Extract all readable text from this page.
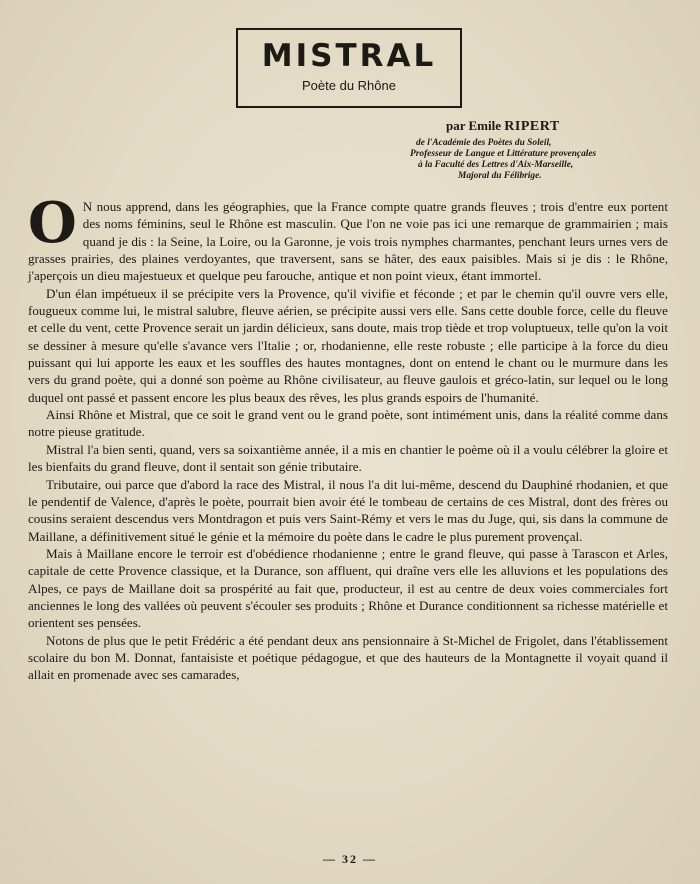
MISTRAL
Poète du Rhône
par Emile RIPERT
de l'Académie des Poètes du Soleil,
Professeur de Langue et Littérature provençales
à la Faculté des Lettres d'Aix-Marseille,
Majoral du Félibrige.

O N nous apprend, dans les géographies, que la France compte quatre grands fleuves ; trois d'entre eux portent des noms féminins, seul le Rhône est masculin. Que l'on ne voie pas ici une remarque de grammairien ; mais quand je dis : la Seine, la Loire, ou la Garonne, je vois trois nymphes charmantes, penchant leurs urnes vers de grasses prairies, des plaines verdoyantes, que traversent, sans se hâter, des eaux paisibles. Mais si je dis : le Rhône, j'aperçois un dieu majestueux et quelque peu farouche, antique et non point vieux, étant immortel.

D'un élan impétueux il se précipite vers la Provence, qu'il vivifie et féconde ; et par le chemin qu'il ouvre vers elle, fougueux comme lui, le mistral salubre, fleuve aérien, se précipite aussi vers elle. Sans cette double force, celle du fleuve et celle du vent, cette Provence serait un jardin délicieux, sans doute, mais trop tiède et trop voluptueux, telle qu'on la voit se dessiner à mesure qu'elle s'avance vers l'Italie ; or, rhodanienne, elle reste robuste ; elle participe à la force du dieu puissant qui lui apporte les eaux et les souffles des hautes montagnes, dont on entend le chant ou le murmure dans les vers du grand poète, qui a donné son poème au Rhône civilisateur, au fleuve gaulois et gréco-latin, sur lequel ou le long duquel ont passé et passent encore les plus beaux des rêves, les plus grands espoirs de l'humanité.

Ainsi Rhône et Mistral, que ce soit le grand vent ou le grand poète, sont intimément unis, dans la réalité comme dans notre pieuse gratitude.

Mistral l'a bien senti, quand, vers sa soixantième année, il a mis en chantier le poème où il a voulu célébrer la gloire et les bienfaits du grand fleuve, dont il sentait son génie tributaire.

Tributaire, oui parce que d'abord la race des Mistral, il nous l'a dit lui-même, descend du Dauphiné rhodanien, et que le pendentif de Valence, d'après le poète, pourrait bien avoir été le tombeau de certains de ces Mistral, dont des frères ou cousins seraient descendus vers Montdragon et puis vers Saint-Rémy et vers le mas du Juge, qui, sis dans la commune de Maillane, a définitivement situé le génie et la mémoire du poète dans le cadre le plus purement provençal.

Mais à Maillane encore le terroir est d'obédience rhodanienne ; entre le grand fleuve, qui passe à Tarascon et Arles, capitale de cette Provence classique, et la Durance, son affluent, qui draîne vers elle les alluvions et les populations des Alpes, ce pays de Maillane doit sa prospérité au fait que, producteur, il est au centre de deux voies commerciales fort anciennes le long des vallées où peuvent s'écouler ses produits ; Rhône et Durance conditionnent sa richesse matérielle et orientent ses pensées.

Notons de plus que le petit Frédéric a été pendant deux ans pensionnaire à St-Michel de Frigolet, dans l'établissement scolaire du bon M. Donnat, fantaisiste et poétique pédagogue, et que des hauteurs de la Montagnette il voyait quand il allait en promenade avec ses camarades,

— 32 —
